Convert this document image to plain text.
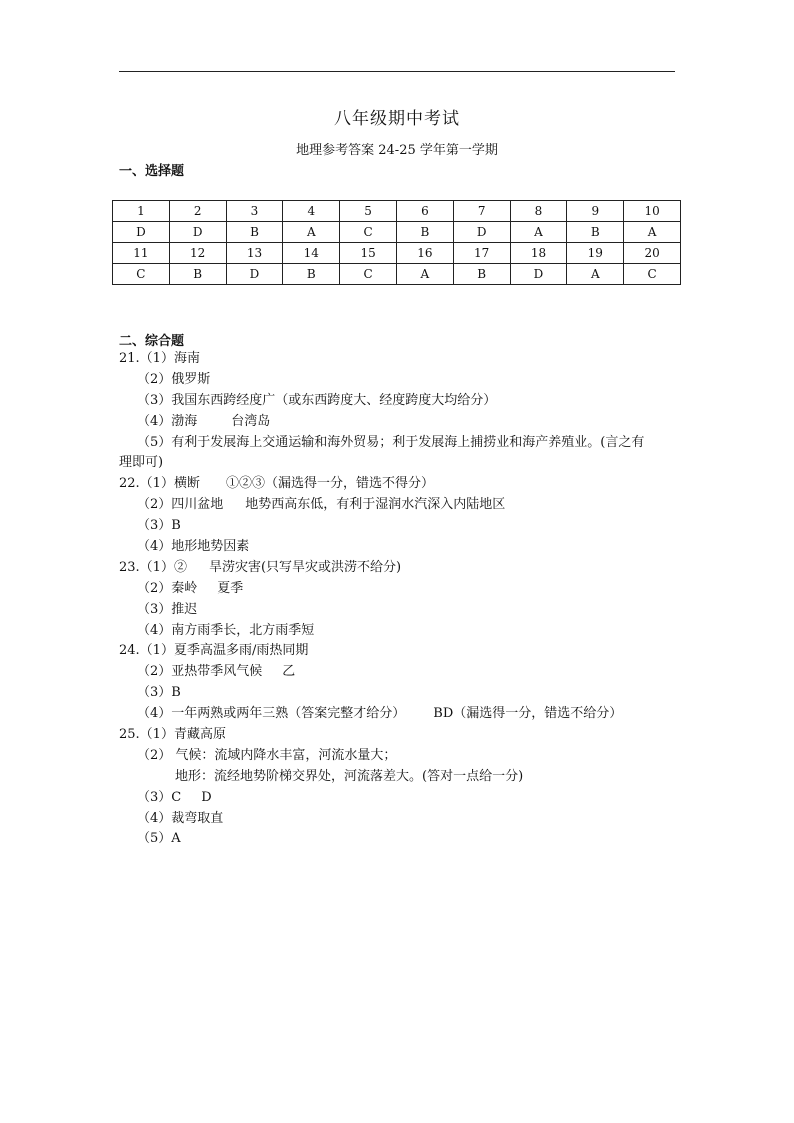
八年级期中考试
地理参考答案 24-25 学年第一学期
一、选择题
1	2	3	4	5	6	7	8	9	10
D	D	B	A	C	B	D	A	B	A
11	12	13	14	15	16	17	18	19	20
C	B	D	B	C	A	B	D	A	C
二、综合题
21.（1）海南
（2）俄罗斯
（3）我国东西跨经度广（或东西跨度大、经度跨度大均给分）
（4）渤海	台湾岛
（5）有利于发展海上交通运输和海外贸易；利于发展海上捕捞业和海产养殖业。(言之有
理即可)
22.（1）横断 ①②③（漏选得一分，错选不得分）
（2）四川盆地 地势西高东低，有利于湿润水汽深入内陆地区
（3）B
（4）地形地势因素
23.（1）② 旱涝灾害(只写旱灾或洪涝不给分)
（2）秦岭 夏季
（3）推迟
（4）南方雨季长，北方雨季短
24.（1）夏季高温多雨/雨热同期
（2）亚热带季风气候 乙
（3）B
（4）一年两熟或两年三熟（答案完整才给分） BD（漏选得一分，错选不给分）
25.（1）青藏高原
（2） 气候：流域内降水丰富，河流水量大；
地形：流经地势阶梯交界处，河流落差大。(答对一点给一分)
（3）C D
（4）裁弯取直
（5）A
